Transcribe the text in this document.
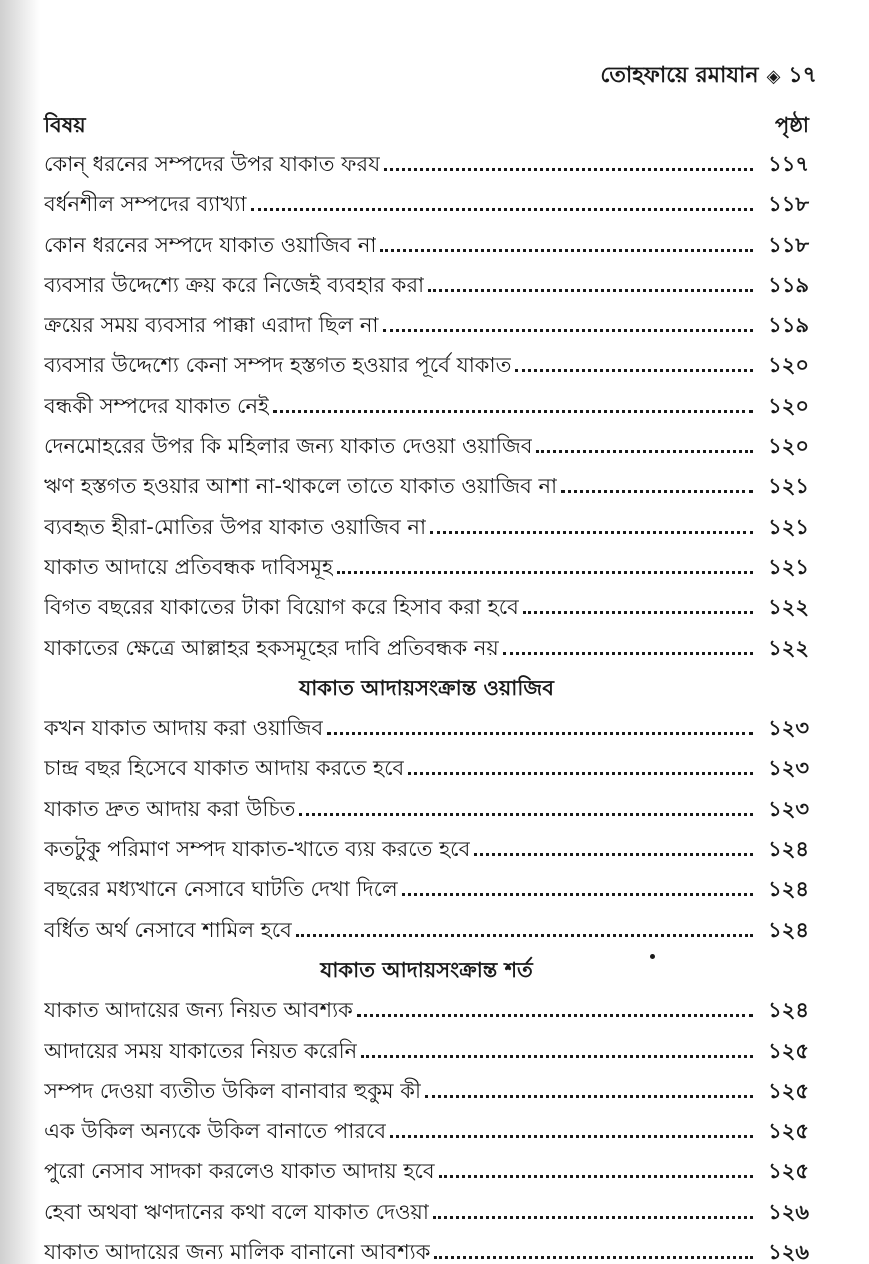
তোহফায়ে রমাযান ◈ ১৭
বিষয়	পৃষ্ঠা
কোন্ ধরনের সম্পদের উপর যাকাত ফরয	১১৭
বর্ধনশীল সম্পদের ব্যাখ্যা	১১৮
কোন ধরনের সম্পদে যাকাত ওয়াজিব না	১১৮
ব্যবসার উদ্দেশ্যে ক্রয় করে নিজেই ব্যবহার করা	১১৯
ক্রয়ের সময় ব্যবসার পাক্কা এরাদা ছিল না	১১৯
ব্যবসার উদ্দেশ্যে কেনা সম্পদ হস্তগত হওয়ার পূর্বে যাকাত	১২০
বন্ধকী সম্পদের যাকাত নেই	১২০
দেনমোহরের উপর কি মহিলার জন্য যাকাত দেওয়া ওয়াজিব	১২০
ঋণ হস্তগত হওয়ার আশা না-থাকলে তাতে যাকাত ওয়াজিব না	১২১
ব্যবহৃত হীরা-মোতির উপর যাকাত ওয়াজিব না	১২১
যাকাত আদায়ে প্রতিবন্ধক দাবিসমূহ	১২১
বিগত বছরের যাকাতের টাকা বিয়োগ করে হিসাব করা হবে	১২২
যাকাতের ক্ষেত্রে আল্লাহর হকসমূহের দাবি প্রতিবন্ধক নয়	১২২
যাকাত আদায়সংক্রান্ত ওয়াজিব
কখন যাকাত আদায় করা ওয়াজিব	১২৩
চান্দ্র বছর হিসেবে যাকাত আদায় করতে হবে	১২৩
যাকাত দ্রুত আদায় করা উচিত	১২৩
কতটুকু পরিমাণ সম্পদ যাকাত-খাতে ব্যয় করতে হবে	১২৪
বছরের মধ্যখানে নেসাবে ঘাটতি দেখা দিলে	১২৪
বর্ধিত অর্থ নেসাবে শামিল হবে	১২৪
যাকাত আদায়সংক্রান্ত শর্ত
যাকাত আদায়ের জন্য নিয়ত আবশ্যক	১২৪
আদায়ের সময় যাকাতের নিয়ত করেনি	১২৫
সম্পদ দেওয়া ব্যতীত উকিল বানাবার হুকুম কী	১২৫
এক উকিল অন্যকে উকিল বানাতে পারবে	১২৫
পুরো নেসাব সাদকা করলেও যাকাত আদায় হবে	১২৫
হেবা অথবা ঋণদানের কথা বলে যাকাত দেওয়া	১২৬
যাকাত আদায়ের জন্য মালিক বানানো আবশ্যক	১২৬
